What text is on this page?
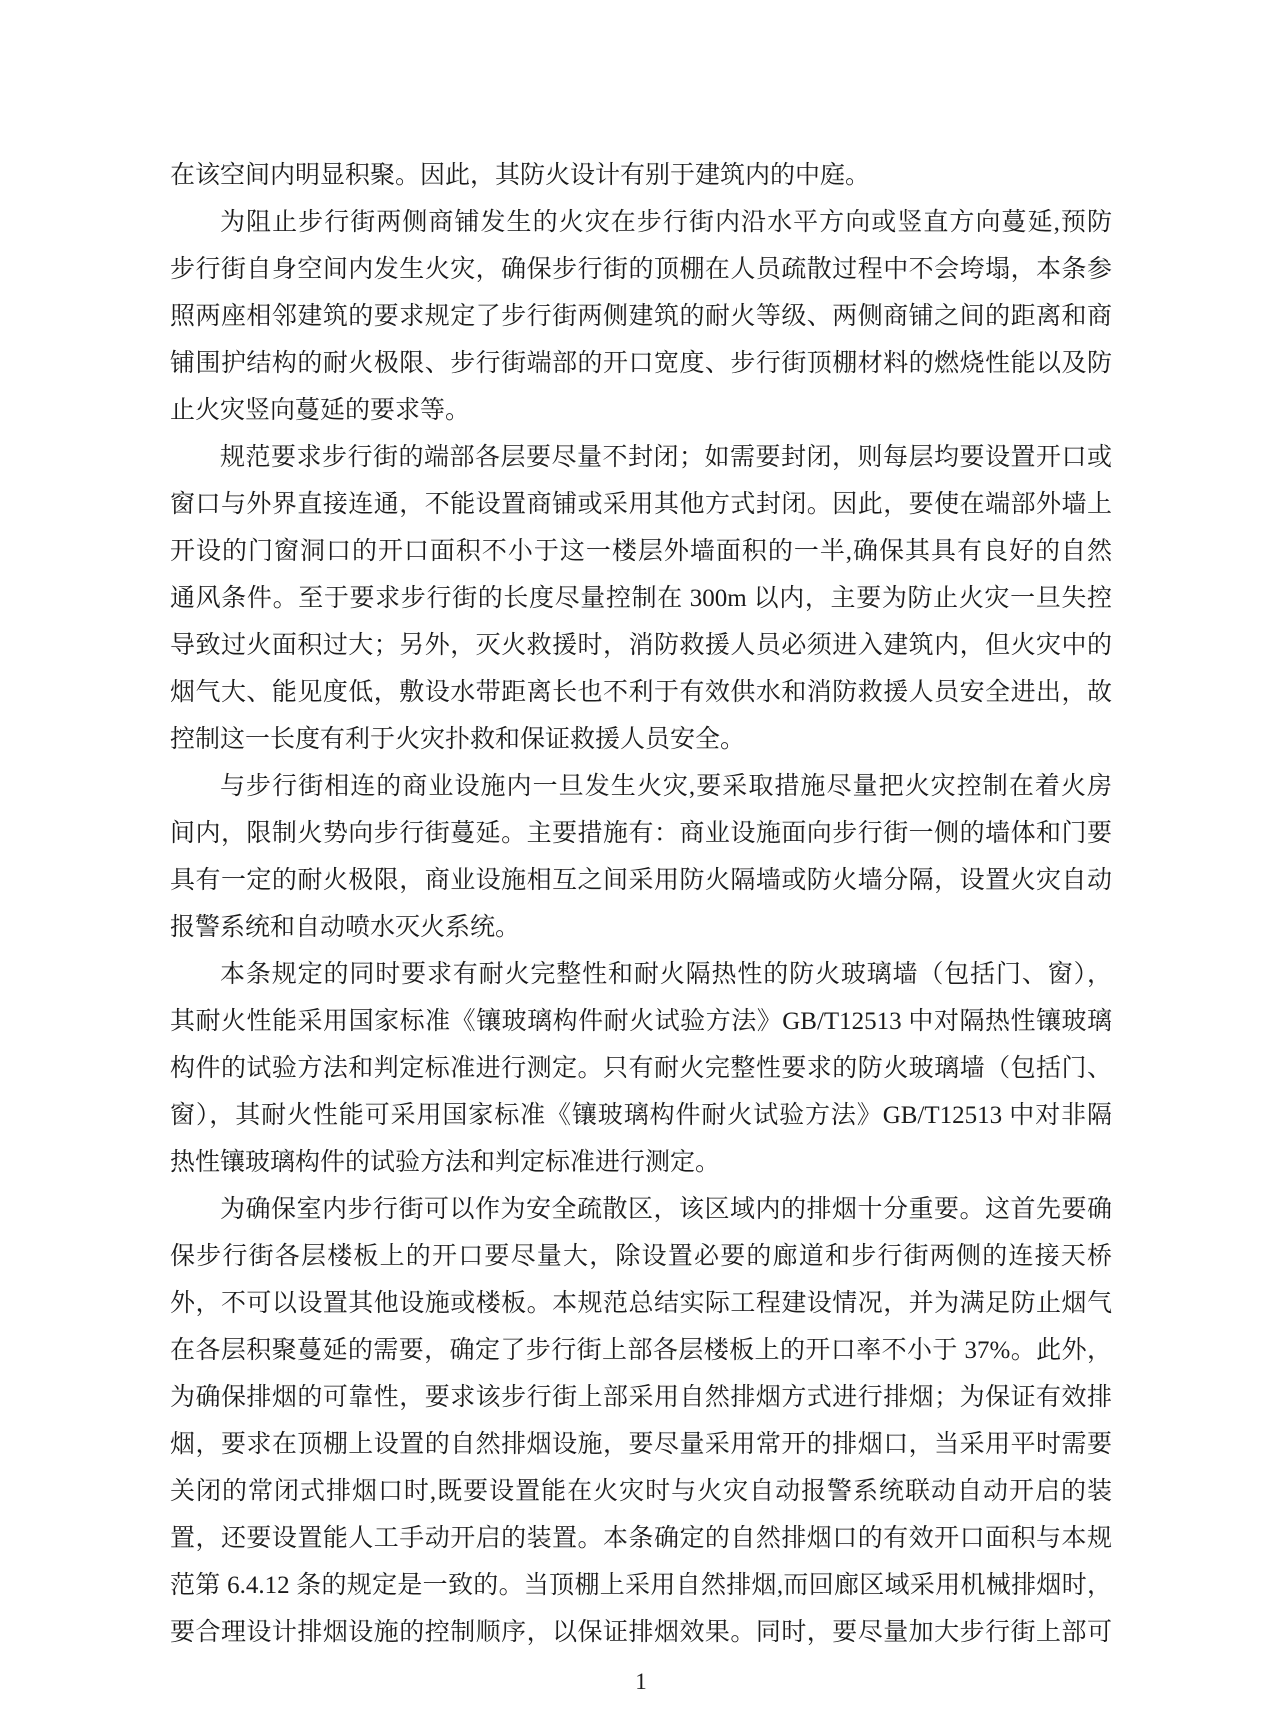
在该空间内明显积聚。因此，其防火设计有别于建筑内的中庭。
为阻止步行街两侧商铺发生的火灾在步行街内沿水平方向或竖直方向蔓延,预防
步行街自身空间内发生火灾，确保步行街的顶棚在人员疏散过程中不会垮塌，本条参
照两座相邻建筑的要求规定了步行街两侧建筑的耐火等级、两侧商铺之间的距离和商
铺围护结构的耐火极限、步行街端部的开口宽度、步行街顶棚材料的燃烧性能以及防
止火灾竖向蔓延的要求等。
规范要求步行街的端部各层要尽量不封闭；如需要封闭，则每层均要设置开口或
窗口与外界直接连通，不能设置商铺或采用其他方式封闭。因此，要使在端部外墙上
开设的门窗洞口的开口面积不小于这一楼层外墙面积的一半,确保其具有良好的自然
通风条件。至于要求步行街的长度尽量控制在 300m 以内，主要为防止火灾一旦失控
导致过火面积过大；另外，灭火救援时，消防救援人员必须进入建筑内，但火灾中的
烟气大、能见度低，敷设水带距离长也不利于有效供水和消防救援人员安全进出，故
控制这一长度有利于火灾扑救和保证救援人员安全。
与步行街相连的商业设施内一旦发生火灾,要采取措施尽量把火灾控制在着火房
间内，限制火势向步行街蔓延。主要措施有：商业设施面向步行街一侧的墙体和门要
具有一定的耐火极限，商业设施相互之间采用防火隔墙或防火墙分隔，设置火灾自动
报警系统和自动喷水灭火系统。
本条规定的同时要求有耐火完整性和耐火隔热性的防火玻璃墙（包括门、窗），
其耐火性能采用国家标准《镶玻璃构件耐火试验方法》GB/T12513 中对隔热性镶玻璃
构件的试验方法和判定标准进行测定。只有耐火完整性要求的防火玻璃墙（包括门、
窗），其耐火性能可采用国家标准《镶玻璃构件耐火试验方法》GB/T12513 中对非隔
热性镶玻璃构件的试验方法和判定标准进行测定。
为确保室内步行街可以作为安全疏散区，该区域内的排烟十分重要。这首先要确
保步行街各层楼板上的开口要尽量大，除设置必要的廊道和步行街两侧的连接天桥
外，不可以设置其他设施或楼板。本规范总结实际工程建设情况，并为满足防止烟气
在各层积聚蔓延的需要，确定了步行街上部各层楼板上的开口率不小于 37%。此外，
为确保排烟的可靠性，要求该步行街上部采用自然排烟方式进行排烟；为保证有效排
烟，要求在顶棚上设置的自然排烟设施，要尽量采用常开的排烟口，当采用平时需要
关闭的常闭式排烟口时,既要设置能在火灾时与火灾自动报警系统联动自动开启的装
置，还要设置能人工手动开启的装置。本条确定的自然排烟口的有效开口面积与本规
范第 6.4.12 条的规定是一致的。当顶棚上采用自然排烟,而回廊区域采用机械排烟时，
要合理设计排烟设施的控制顺序，以保证排烟效果。同时，要尽量加大步行街上部可
1
